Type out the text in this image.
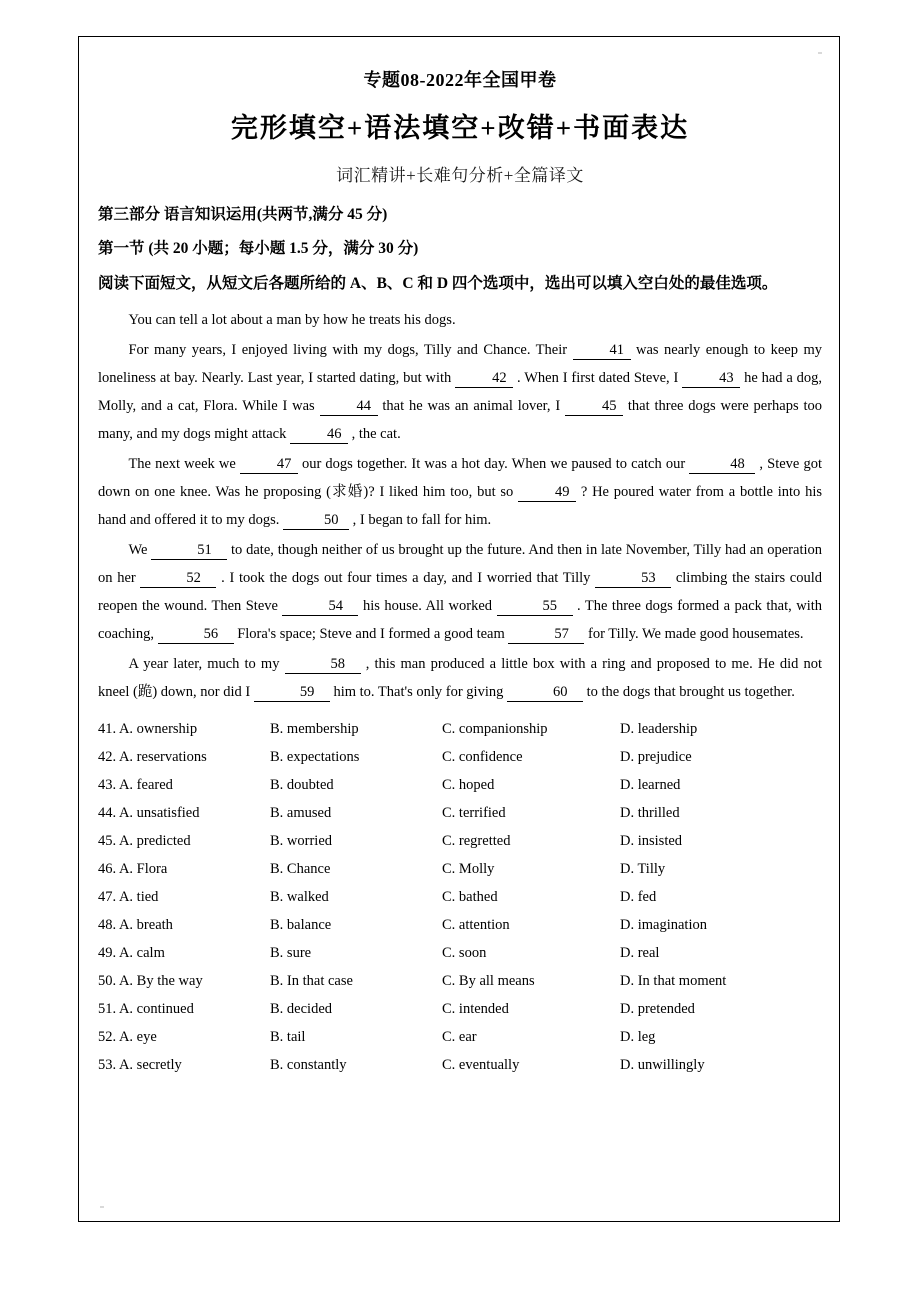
专题08-2022年全国甲卷
完形填空+语法填空+改错+书面表达
词汇精讲+长难句分析+全篇译文
第三部分 语言知识运用(共两节,满分 45 分)
第一节 (共 20 小题；每小题 1.5 分，满分 30 分)
阅读下面短文，从短文后各题所给的 A、B、C 和 D 四个选项中，选出可以填入空白处的最佳选项。
You can tell a lot about a man by how he treats his dogs.
For many years, I enjoyed living with my dogs, Tilly and Chance. Their	41 was nearly enough to keep my loneliness at bay. Nearly. Last year, I started dating, but with	42 . When I first dated Steve, I	43 he had a dog, Molly, and a cat, Flora. While I was	44 that he was an animal lover, I	45 that three dogs were perhaps too many, and my dogs might attack	46 , the cat.
The next week we	47 our dogs together. It was a hot day. When we paused to catch our	48 , Steve got down on one knee. Was he proposing (求婚)? I liked him too, but so	49 ? He poured water from a bottle into his hand and offered it to my dogs.	50 , I began to fall for him.
We	51 to date, though neither of us brought up the future. And then in late November, Tilly had an operation on her	52 . I took the dogs out four times a day, and I worried that Tilly	53 climbing the stairs could reopen the wound. Then Steve	54 his house. All worked	55 . The three dogs formed a pack that, with coaching,	56 Flora's space; Steve and I formed a good team	57 for Tilly. We made good housemates.
A year later, much to my	58 , this man produced a little box with a ring and proposed to me. He did not kneel (跪) down, nor did I	59 him to. That's only for giving	60 to the dogs that brought us together.
41. A. ownership	B. membership	C. companionship	D. leadership
42. A. reservations	B. expectations	C. confidence	D. prejudice
43. A. feared	B. doubted	C. hoped	D. learned
44. A. unsatisfied	B. amused	C. terrified	D. thrilled
45. A. predicted	B. worried	C. regretted	D. insisted
46. A. Flora	B. Chance	C. Molly	D. Tilly
47. A. tied	B. walked	C. bathed	D. fed
48. A. breath	B. balance	C. attention	D. imagination
49. A. calm	B. sure	C. soon	D. real
50. A. By the way	B. In that case	C. By all means	D. In that moment
51. A. continued	B. decided	C. intended	D. pretended
52. A. eye	B. tail	C. ear	D. leg
53. A. secretly	B. constantly	C. eventually	D. unwillingly
